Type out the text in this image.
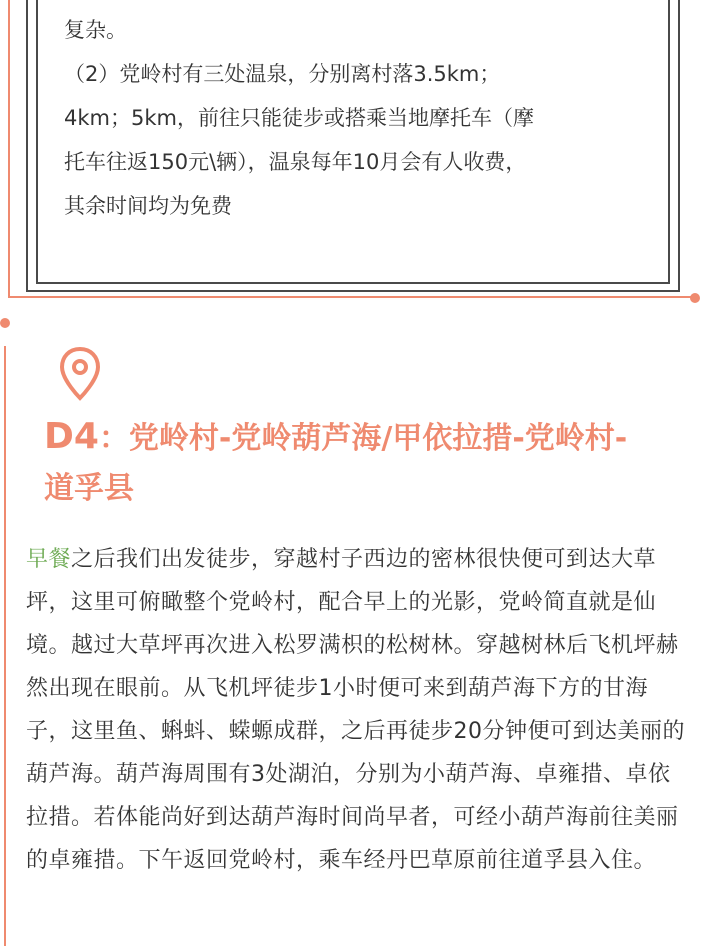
复杂。
（2）党岭村有三处温泉，分别离村落3.5km；
4km；5km，前往只能徒步或搭乘当地摩托车（摩
托车往返150元\辆），温泉每年10月会有人收费，
其余时间均为免费
D4：党岭村-党岭葫芦海/甲依拉措-党岭村-
道孚县

早餐之后我们出发徒步，穿越村子西边的密林很快便可到达大草坪，这里可俯瞰整个党岭村，配合早上的光影，党岭简直就是仙境。越过大草坪再次进入松罗满枳的松树林。穿越树林后飞机坪赫然出现在眼前。从飞机坪徒步1小时便可来到葫芦海下方的甘海子，这里鱼、蝌蚪、蝾螈成群，之后再徒步20分钟便可到达美丽的葫芦海。葫芦海周围有3处湖泊，分别为小葫芦海、卓雍措、卓依拉措。若体能尚好到达葫芦海时间尚早者，可经小葫芦海前往美丽的卓雍措。下午返回党岭村，乘车经丹巴草原前往道孚县入住。
